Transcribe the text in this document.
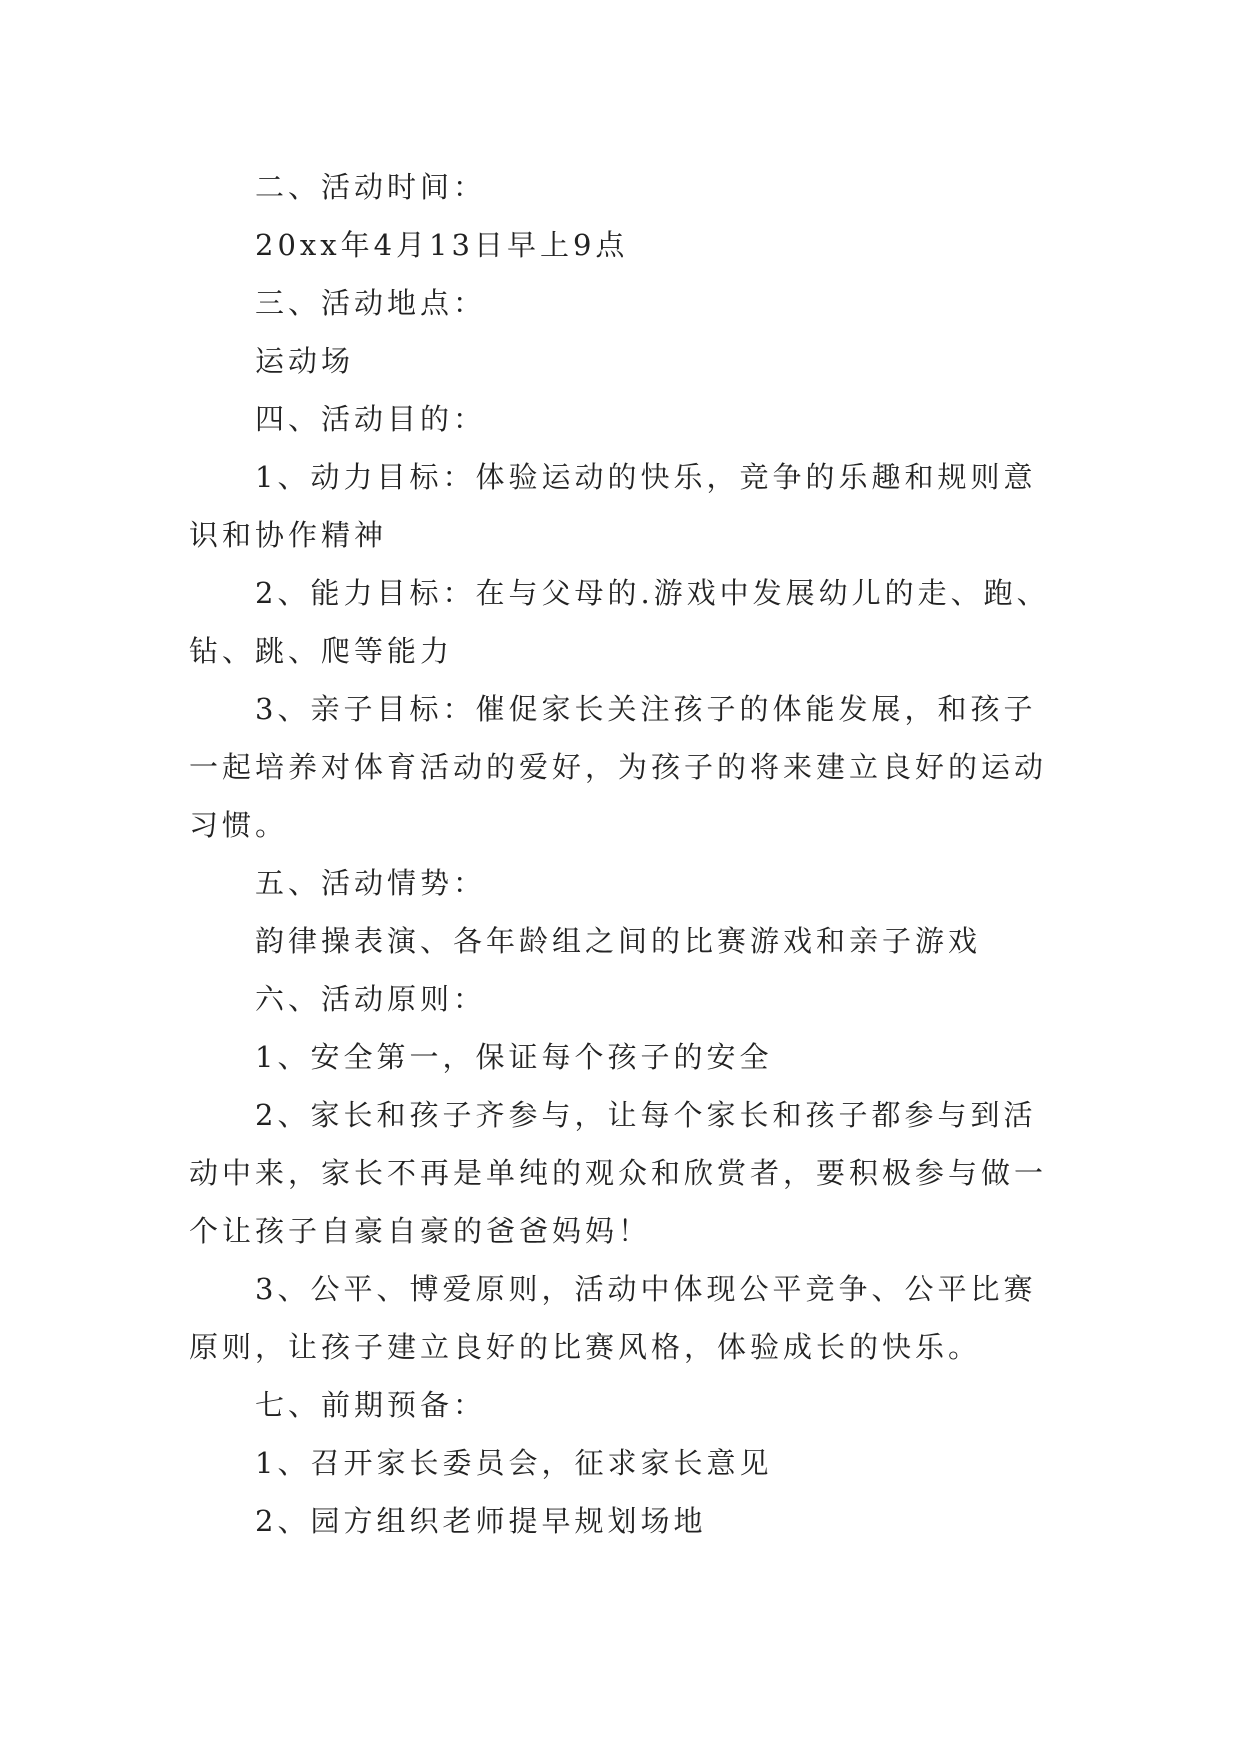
二、活动时间：

20xx年4月13日早上9点

三、活动地点：

运动场

四、活动目的：

1、动力目标：体验运动的快乐，竞争的乐趣和规则意识和协作精神

2、能力目标：在与父母的.游戏中发展幼儿的走、跑、钻、跳、爬等能力

3、亲子目标：催促家长关注孩子的体能发展，和孩子一起培养对体育活动的爱好，为孩子的将来建立良好的运动习惯。

五、活动情势：

韵律操表演、各年龄组之间的比赛游戏和亲子游戏

六、活动原则：

1、安全第一，保证每个孩子的安全

2、家长和孩子齐参与，让每个家长和孩子都参与到活动中来，家长不再是单纯的观众和欣赏者，要积极参与做一个让孩子自豪自豪的爸爸妈妈！

3、公平、博爱原则，活动中体现公平竞争、公平比赛原则，让孩子建立良好的比赛风格，体验成长的快乐。

七、前期预备：

1、召开家长委员会，征求家长意见

2、园方组织老师提早规划场地
